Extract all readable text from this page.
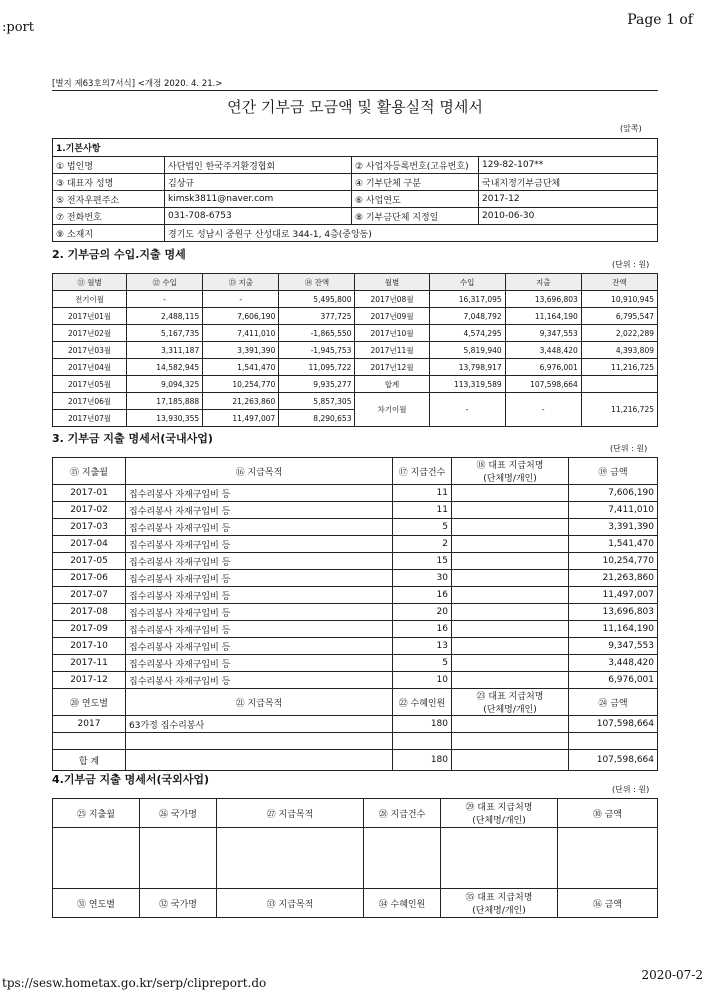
:port	Page 1 of
[별지 제63호의7서식] <개정 2020. 4. 21.>
연간 기부금 모금액 및 활용실적 명세서
(앞쪽)
1.기본사항			
① 법인명	사단법인 한국주거환경협회	② 사업자등록번호(고유번호)	129-82-107**
③ 대표자 성명	김상규	④ 기부단체 구분	국내지정기부금단체
⑤ 전자우편주소	kimsk3811@naver.com	⑥ 사업연도	2017-12
⑦ 전화번호	031-708-6753	⑧ 기부금단체 지정일	2010-06-30
⑨ 소재지	경기도 성남시 중원구 산성대로 344-1, 4층(중앙동)		
2. 기부금의 수입.지출 명세
(단위 : 원)
⑪ 월별	⑫ 수입	⑬ 지출	⑭ 잔액	월별	수입	지출	잔액
전기이월	-	-	5,495,800	2017년08월	16,317,095	13,696,803	10,910,945
2017년01월	2,488,115	7,606,190	377,725	2017년09월	7,048,792	11,164,190	6,795,547
2017년02월	5,167,735	7,411,010	-1,865,550	2017년10월	4,574,295	9,347,553	2,022,289
2017년03월	3,311,187	3,391,390	-1,945,753	2017년11월	5,819,940	3,448,420	4,393,809
2017년04월	14,582,945	1,541,470	11,095,722	2017년12월	13,798,917	6,976,001	11,216,725
2017년05월	9,094,325	10,254,770	9,935,277	합계	113,319,589	107,598,664	
2017년06월	17,185,888	21,263,860	5,857,305	차기이월	-	-	11,216,725
2017년07월	13,930,355	11,497,007	8,290,653				
3. 기부금 지출 명세서(국내사업)
(단위 : 원)
⑮ 지출월	⑯ 지급목적	⑰ 지급건수	⑱ 대표 지급처명
(단체명/개인)	⑲ 금액

2017-01	집수리봉사 자재구입비 등	11		7,606,190
2017-02	집수리봉사 자재구입비 등	11		7,411,010
2017-03	집수리봉사 자재구입비 등	5		3,391,390
2017-04	집수리봉사 자재구입비 등	2		1,541,470
2017-05	집수리봉사 자재구입비 등	15		10,254,770
2017-06	집수리봉사 자재구입비 등	30		21,263,860
2017-07	집수리봉사 자재구입비 등	16		11,497,007
2017-08	집수리봉사 자재구입비 등	20		13,696,803
2017-09	집수리봉사 자재구입비 등	16		11,164,190
2017-10	집수리봉사 자재구입비 등	13		9,347,553
2017-11	집수리봉사 자재구입비 등	5		3,448,420
2017-12	집수리봉사 자재구입비 등	10		6,976,001

⑳ 연도별	㉑ 지급목적	㉒ 수혜인원	㉓ 대표 지급처명
(단체명/개인)	㉔ 금액

2017	63가정 집수리봉사	180		107,598,664

합 계		180		107,598,664
4.기부금 지출 명세서(국외사업)
(단위 : 원)
㉕ 지출월	㉖ 국가명	㉗ 지급목적	㉘ 지급건수	㉙ 대표 지급처명
(단체명/개인)	㉚ 금액

㉛ 연도별	㉜ 국가명	㉝ 지급목적	㉞ 수혜인원	㉟ 대표 지급처명
(단체명/개인)	㊱ 금액
tps://sesw.hometax.go.kr/serp/clipreport.do
2020-07-2
